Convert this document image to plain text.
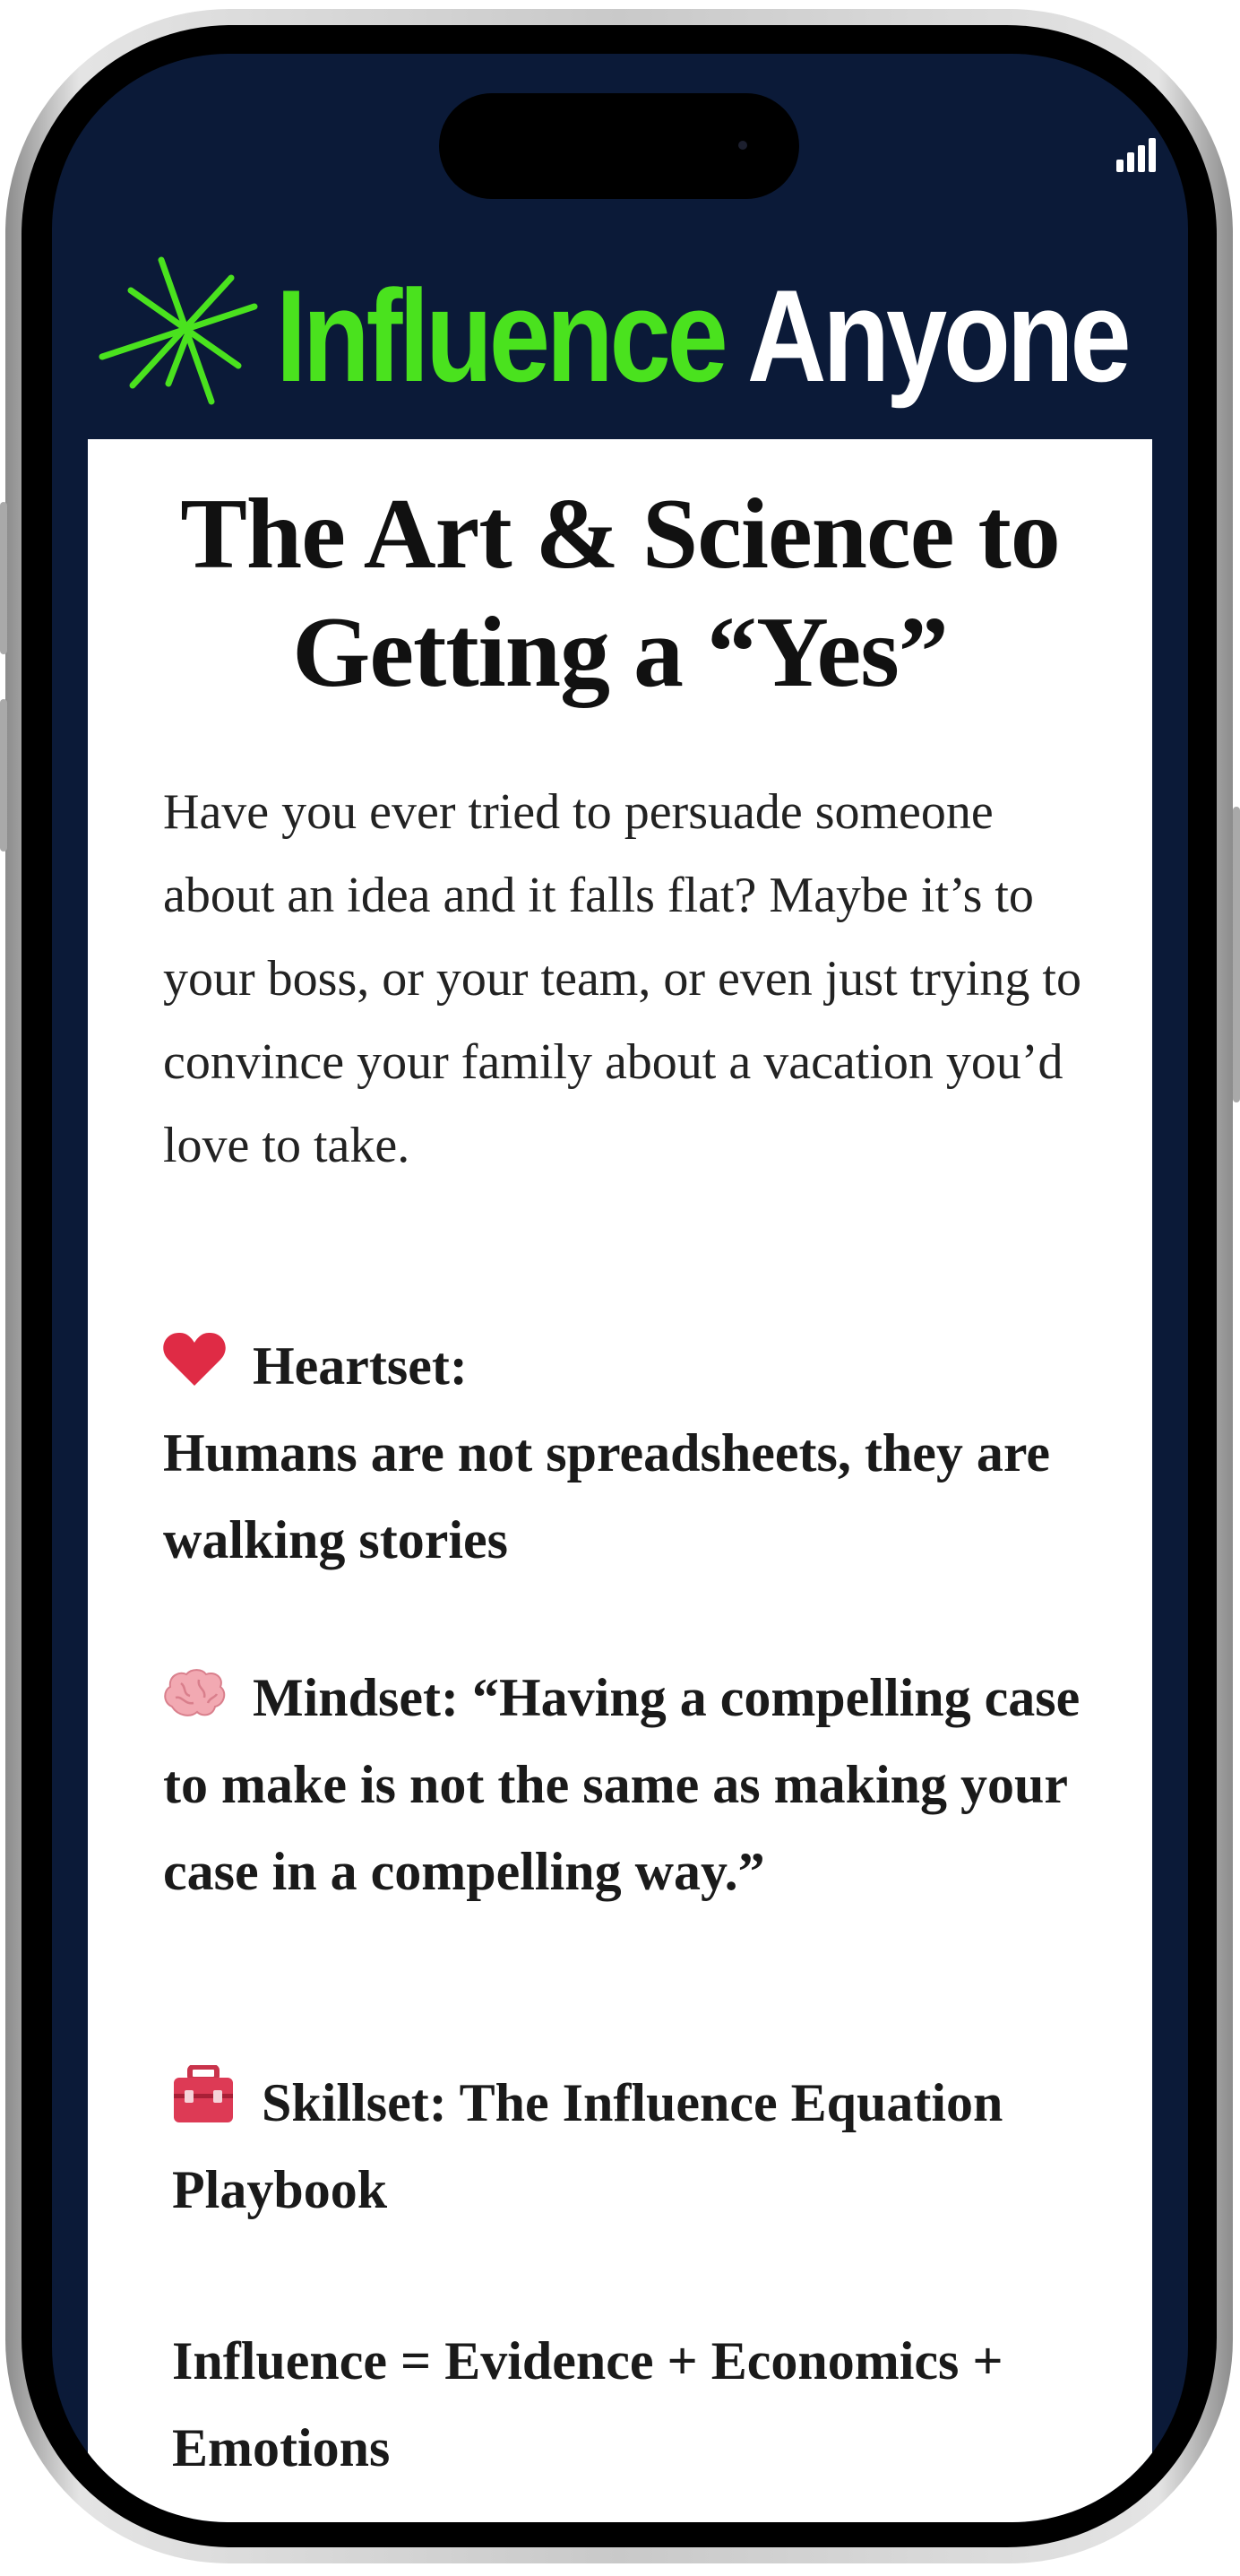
Influence Anyone
The Art & Science to
Getting a “Yes”

Have you ever tried to persuade someone about an idea and it falls flat? Maybe it’s to your boss, or your team, or even just trying to convince your family about a vacation you’d love to take.

Heartset:
Humans are not spreadsheets, they are walking stories
Mindset: “Having a compelling case to make is not the same as making your case in a compelling way.”
Skillset: The Influence Equation Playbook
Influence = Evidence + Economics + Emotions
